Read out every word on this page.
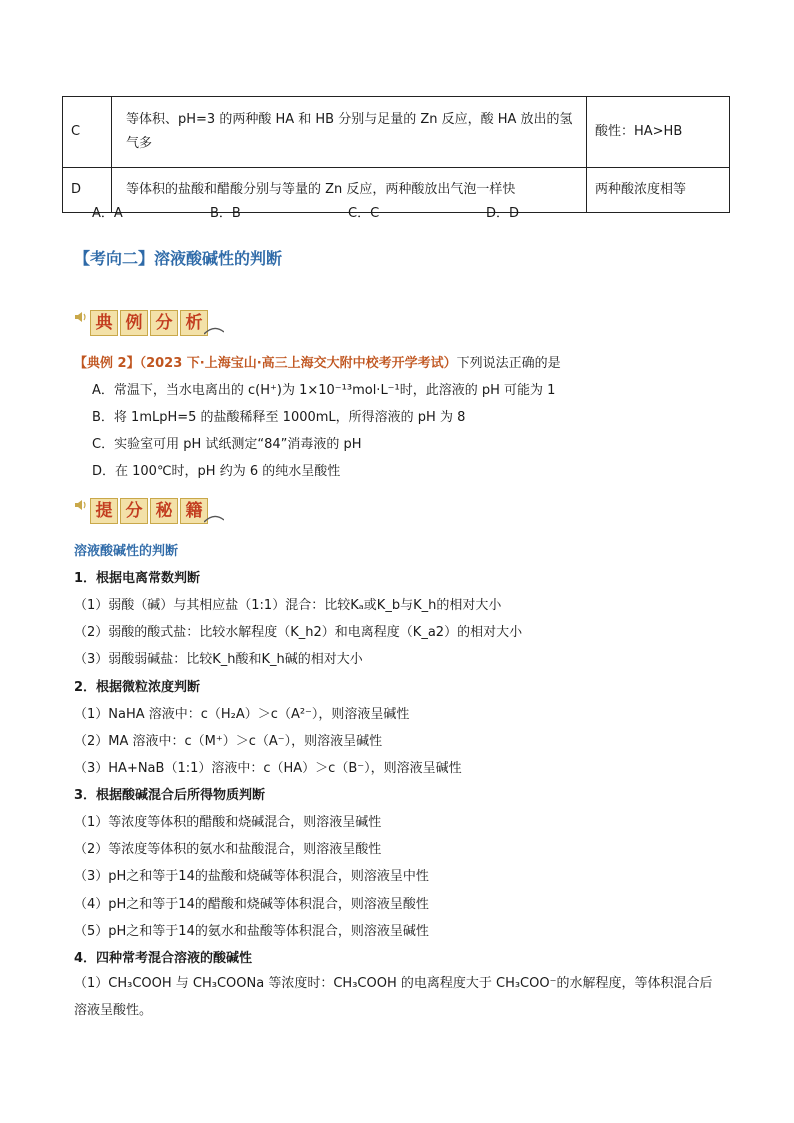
C	等体积、pH=3 的两种酸 HA 和 HB 分别与足量的 Zn 反应，酸 HA 放出的氢气多	酸性：HA>HB
D	等体积的盐酸和醋酸分别与等量的 Zn 反应，两种酸放出气泡一样快	两种酸浓度相等
A．A	B．B	C．C	D．D
【考向二】溶液酸碱性的判断
典 例 分 析
【典例 2】（2023 下·上海宝山·高三上海交大附中校考开学考试）下列说法正确的是
A．常温下，当水电离出的 c(H⁺)为 1×10⁻¹³mol·L⁻¹时，此溶液的 pH 可能为 1
B．将 1mLpH=5 的盐酸稀释至 1000mL，所得溶液的 pH 为 8
C．实验室可用 pH 试纸测定“84”消毒液的 pH
D．在 100℃时，pH 约为 6 的纯水呈酸性
提 分 秘 籍
溶液酸碱性的判断
1．根据电离常数判断
（1）弱酸（碱）与其相应盐（1:1）混合：比较Kₐ或K_b与K_h的相对大小
（2）弱酸的酸式盐：比较水解程度（K_h2）和电离程度（K_a2）的相对大小
（3）弱酸弱碱盐：比较K_h酸和K_h碱的相对大小
2．根据微粒浓度判断
（1）NaHA 溶液中：c（H₂A）＞c（A²⁻），则溶液呈碱性
（2）MA 溶液中：c（M⁺）＞c（A⁻），则溶液呈碱性
（3）HA+NaB（1:1）溶液中：c（HA）＞c（B⁻），则溶液呈碱性
3．根据酸碱混合后所得物质判断
（1）等浓度等体积的醋酸和烧碱混合，则溶液呈碱性
（2）等浓度等体积的氨水和盐酸混合，则溶液呈酸性
（3）pH之和等于14的盐酸和烧碱等体积混合，则溶液呈中性
（4）pH之和等于14的醋酸和烧碱等体积混合，则溶液呈酸性
（5）pH之和等于14的氨水和盐酸等体积混合，则溶液呈碱性
4．四种常考混合溶液的酸碱性
（1）CH₃COOH 与 CH₃COONa 等浓度时：CH₃COOH 的电离程度大于 CH₃COO⁻的水解程度，等体积混合后溶液呈酸性。
